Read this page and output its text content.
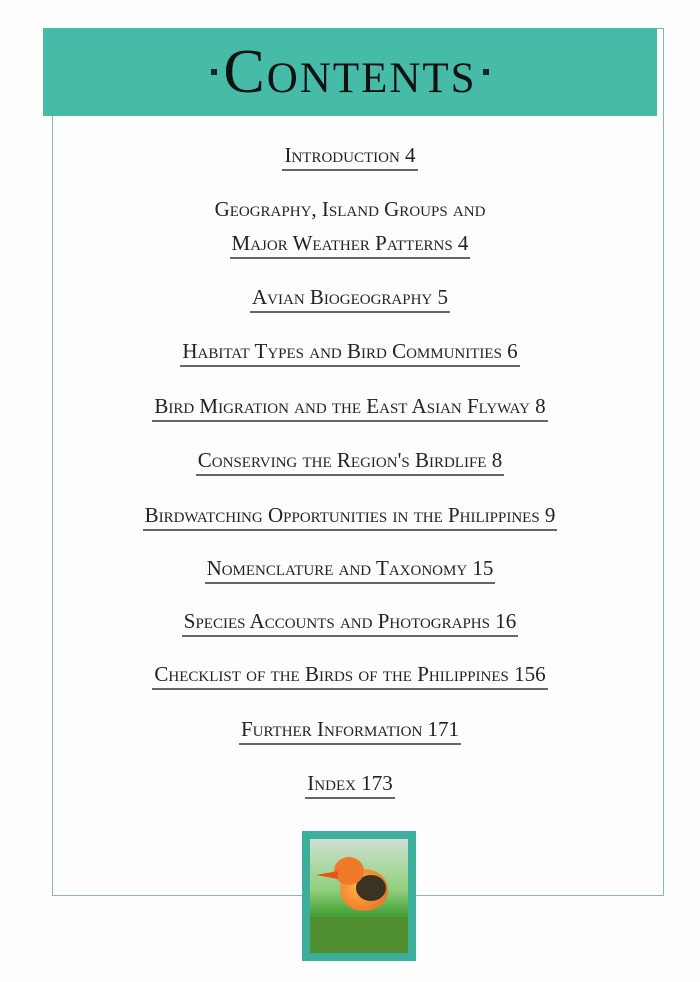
Contents
Introduction 4
Geography, Island Groups and
Major Weather Patterns 4
Avian Biogeography 5
Habitat Types and Bird Communities 6
Bird Migration and the East Asian Flyway 8
Conserving the Region's Birdlife 8
Birdwatching Opportunities in the Philippines 9
Nomenclature and Taxonomy 15
Species Accounts and Photographs 16
Checklist of the Birds of the Philippines 156
Further Information 171
Index 173
